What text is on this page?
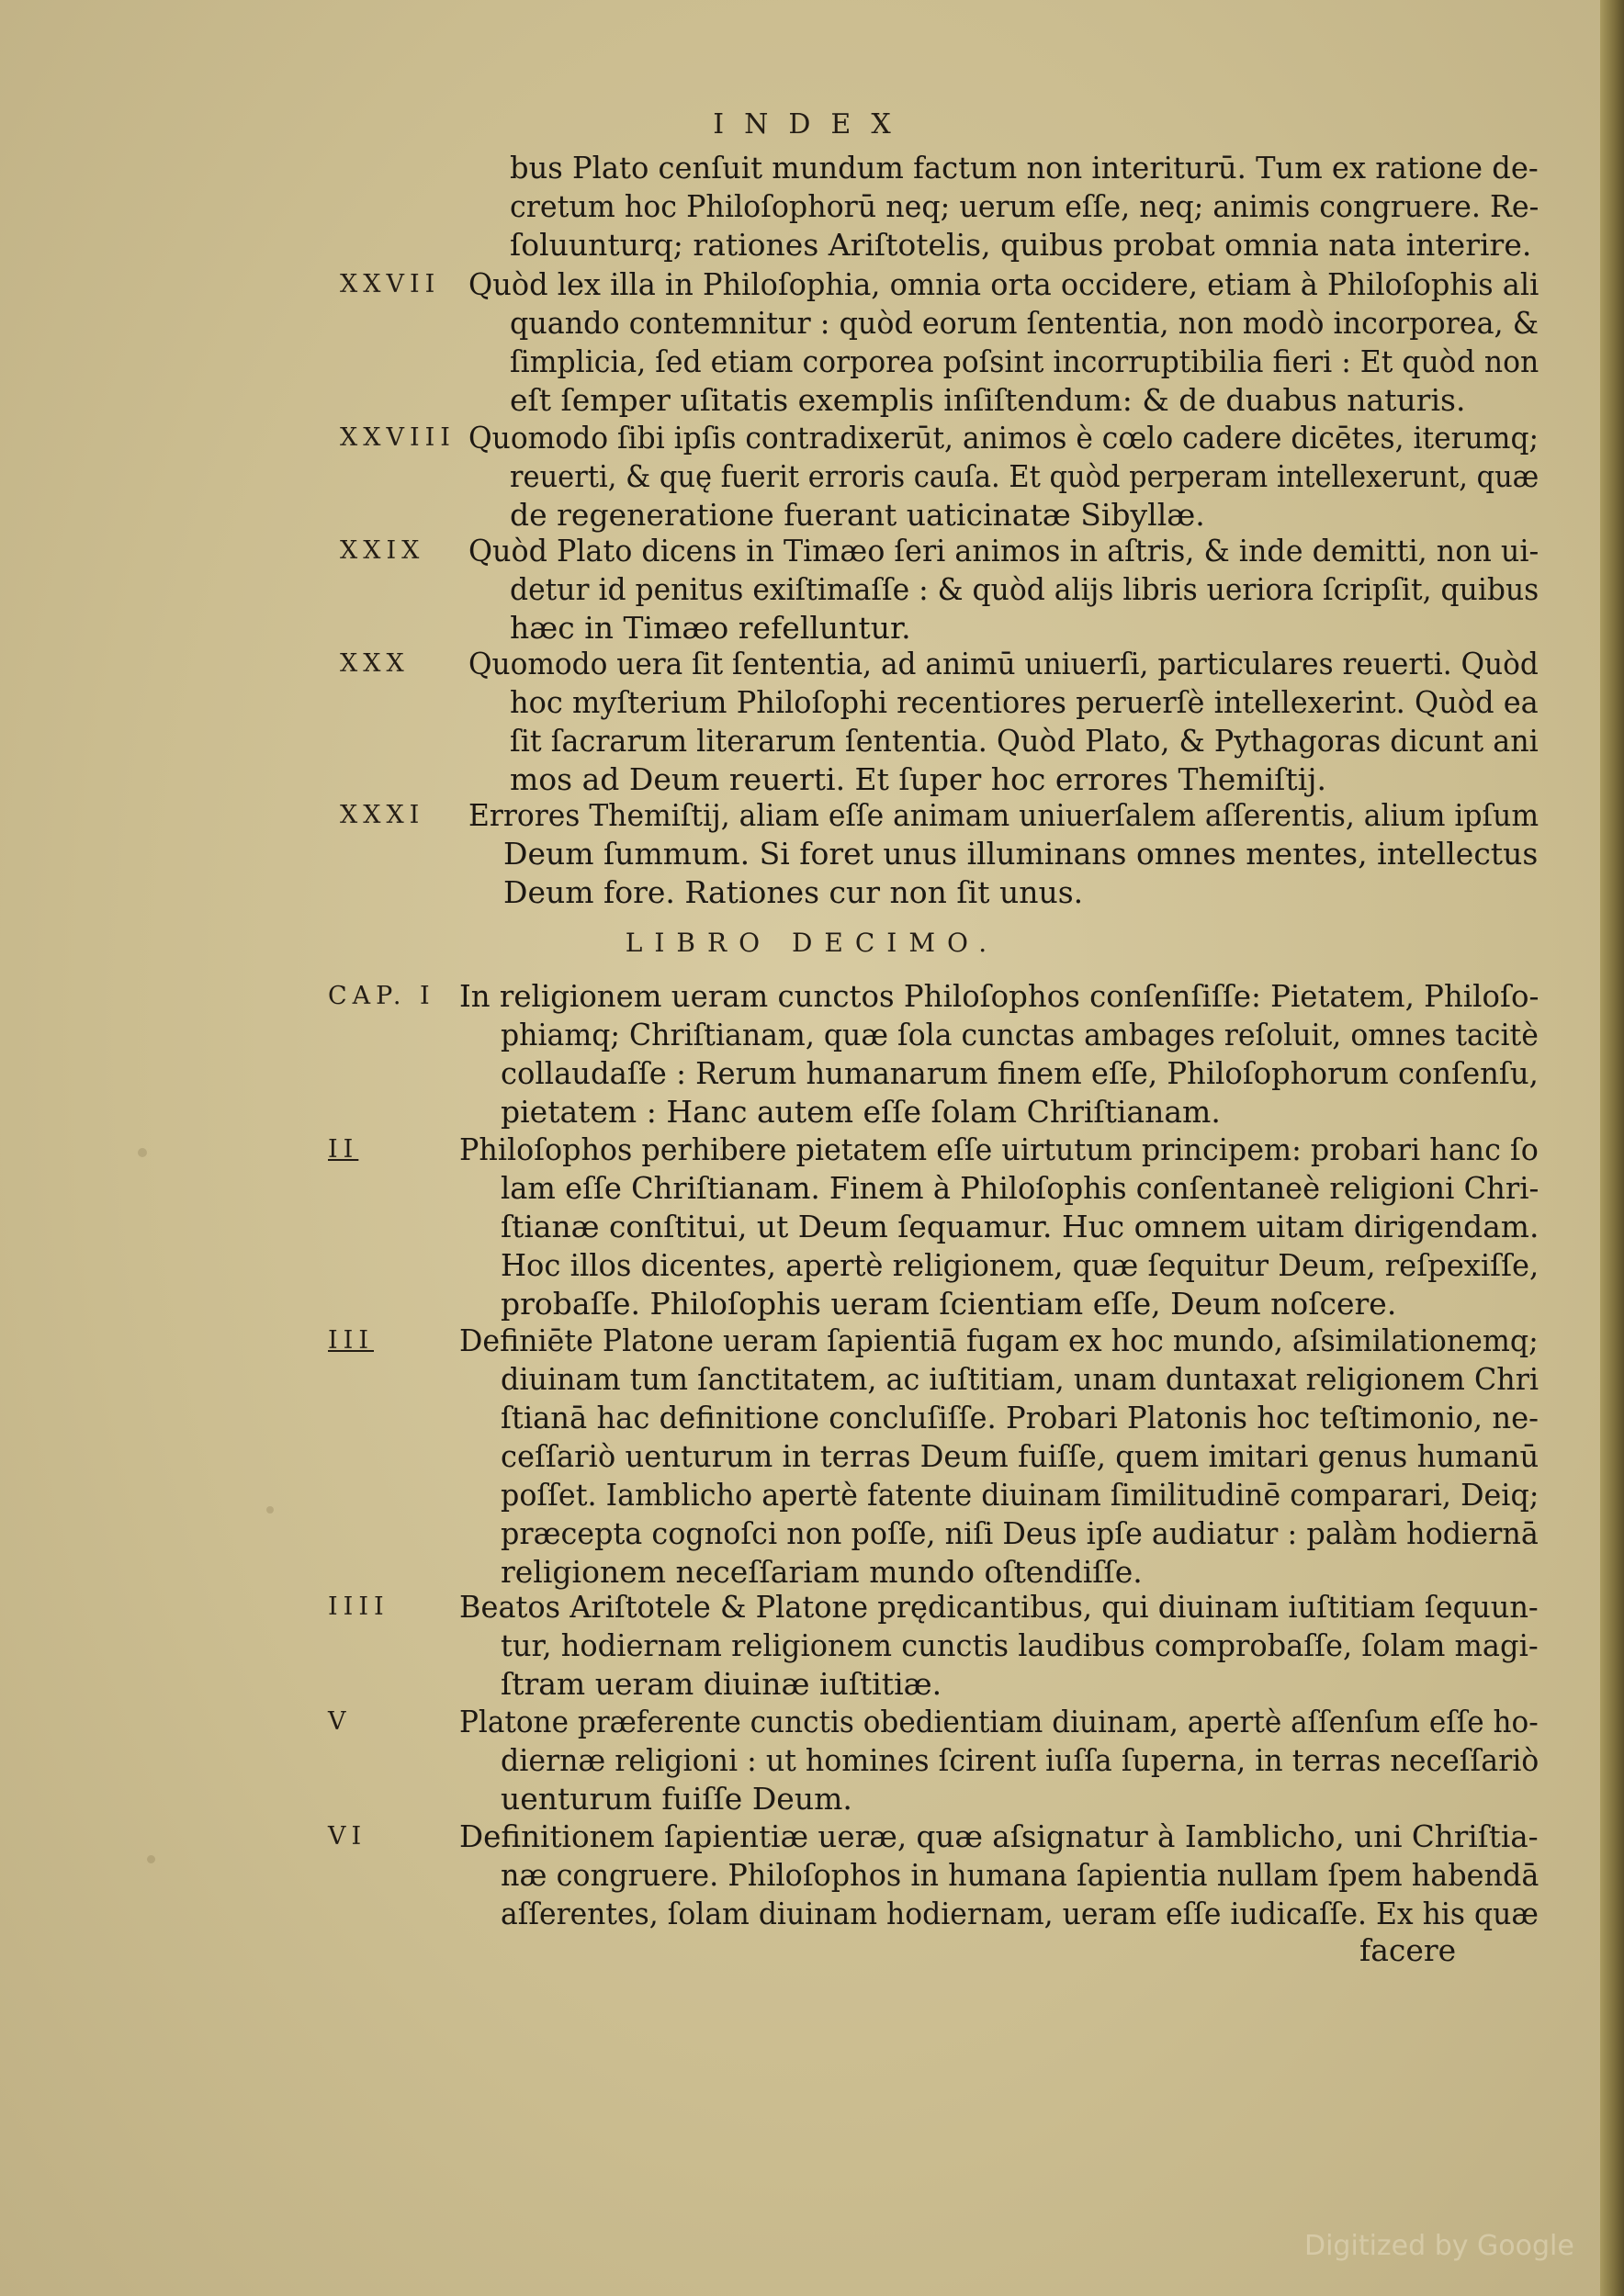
INDEX
bus Plato cenſuit mundum factum non interiturū. Tum ex ratione de-
cretum hoc Philoſophorū neq; uerum eſſe, neq; animis congruere. Re-
ſoluunturq; rationes Ariſtotelis, quibus probat omnia nata interire.
XXVII Quòd lex illa in Philoſophia, omnia orta occidere, etiam à Philoſophis ali
quando contemnitur : quòd eorum ſententia, non modò incorporea, &
ſimplicia, ſed etiam corporea poſsint incorruptibilia fieri : Et quòd non
eſt ſemper uſitatis exemplis inſiſtendum: & de duabus naturis.
XXVIII Quomodo ſibi ipſis contradixerūt, animos è cœlo cadere dicētes, iterumq;
reuerti, & quę fuerit erroris cauſa. Et quòd perperam intellexerunt, quæ
de regeneratione fuerant uaticinatæ Sibyllæ.
XXIX Quòd Plato dicens in Timæo ſeri animos in aſtris, & inde demitti, non ui-
detur id penitus exiſtimaſſe : & quòd alijs libris ueriora ſcripſit, quibus
hæc in Timæo refelluntur.
XXX Quomodo uera ſit ſententia, ad animū uniuerſi, particulares reuerti. Quòd
hoc myſterium Philoſophi recentiores peruerſè intellexerint. Quòd ea
ſit ſacrarum literarum ſententia. Quòd Plato, & Pythagoras dicunt ani
mos ad Deum reuerti. Et ſuper hoc errores Themiſtij.
XXXI Errores Themiſtij, aliam eſſe animam uniuerſalem aſſerentis, alium ipſum
Deum ſummum. Si foret unus illuminans omnes mentes, intellectus
Deum fore. Rationes cur non ſit unus.
LIBRO DECIMO.
CAP. I In religionem ueram cunctos Philoſophos conſenſiſſe: Pietatem, Philoſo-
phiamq; Chriſtianam, quæ ſola cunctas ambages reſoluit, omnes tacitè
collaudaſſe : Rerum humanarum finem eſſe, Philoſophorum conſenſu,
pietatem : Hanc autem eſſe ſolam Chriſtianam.
II	Philoſophos perhibere pietatem eſſe uirtutum principem: probari hanc ſo
lam eſſe Chriſtianam. Finem à Philoſophis conſentaneè religioni Chri-
ſtianæ conſtitui, ut Deum ſequamur. Huc omnem uitam dirigendam.
Hoc illos dicentes, apertè religionem, quæ ſequitur Deum, reſpexiſſe,
probaſſe. Philoſophis ueram ſcientiam eſſe, Deum noſcere.
III	Definiēte Platone ueram ſapientiā fugam ex hoc mundo, aſsimilationemq;
diuinam tum ſanctitatem, ac iuſtitiam, unam duntaxat religionem Chri
ſtianā hac definitione concluſiſſe. Probari Platonis hoc teſtimonio, ne-
ceſſariò uenturum in terras Deum fuiſſe, quem imitari genus humanū
poſſet. Iamblicho apertè fatente diuinam ſimilitudinē comparari, Deiq;
præcepta cognoſci non poſſe, niſi Deus ipſe audiatur : palàm hodiernā
religionem neceſſariam mundo oſtendiſſe.
IIII Beatos Ariſtotele & Platone prędicantibus, qui diuinam iuſtitiam ſequun-
tur, hodiernam religionem cunctis laudibus comprobaſſe, ſolam magi-
ſtram ueram diuinæ iuſtitiæ.
V	Platone præferente cunctis obedientiam diuinam, apertè aſſenſum eſſe ho-
diernæ religioni : ut homines ſcirent iuſſa ſuperna, in terras neceſſariò
uenturum fuiſſe Deum.
VI	Definitionem ſapientiæ ueræ, quæ aſsignatur à Iamblicho, uni Chriſtia-
næ congruere. Philoſophos in humana ſapientia nullam ſpem habendā
aſſerentes, ſolam diuinam hodiernam, ueram eſſe iudicaſſe. Ex his quæ
facere
Digitized by Google
